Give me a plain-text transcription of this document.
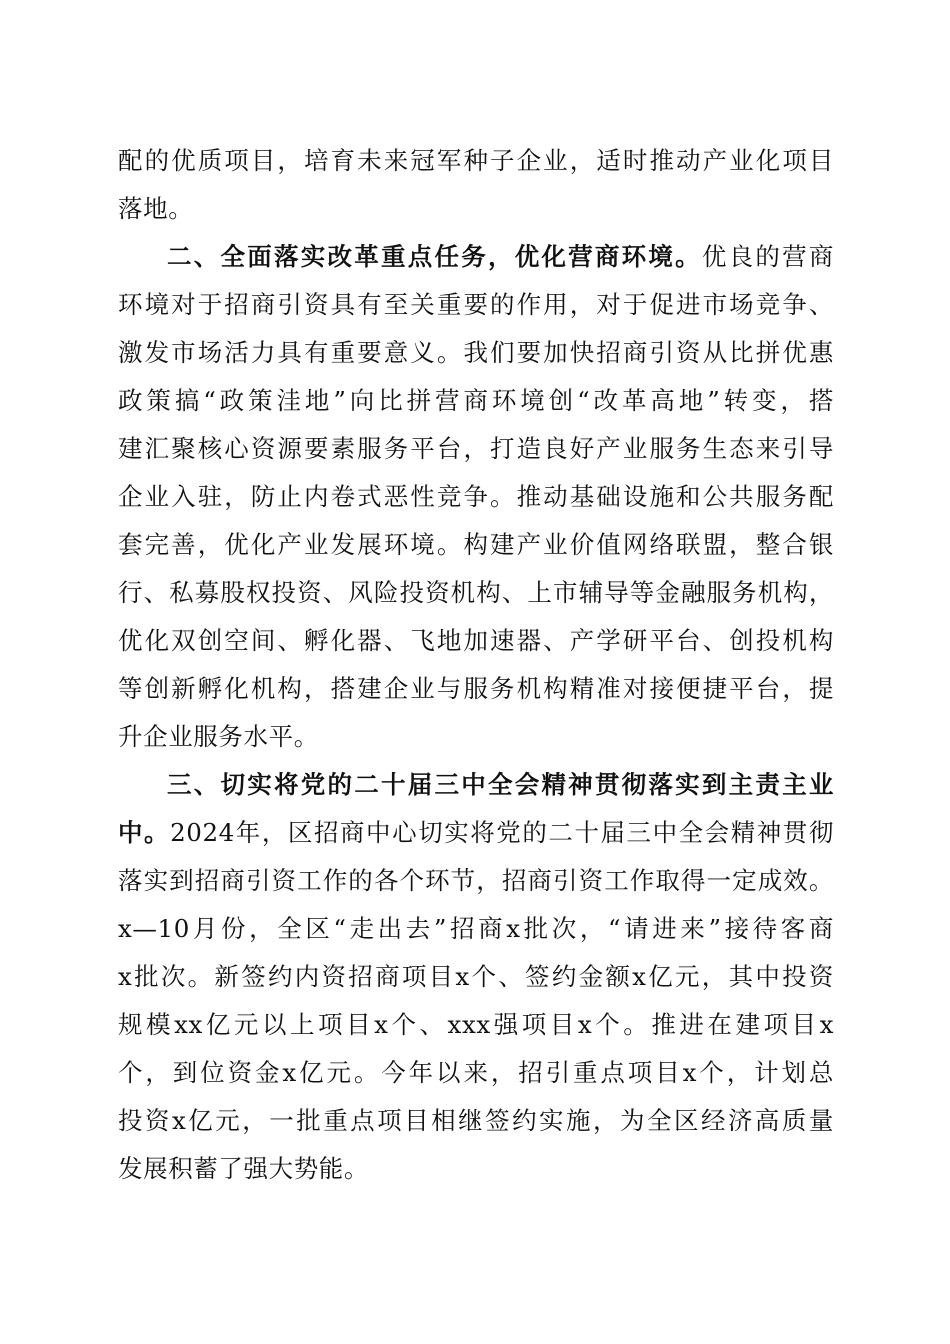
配的优质项目，培育未来冠军种子企业，适时推动产业化项目
落地。
二、全面落实改革重点任务，优化营商环境。优良的营商
环境对于招商引资具有至关重要的作用，对于促进市场竞争、
激发市场活力具有重要意义。我们要加快招商引资从比拼优惠
政策搞“政策洼地”向比拼营商环境创“改革高地”转变，搭
建汇聚核心资源要素服务平台，打造良好产业服务生态来引导
企业入驻，防止内卷式恶性竞争。推动基础设施和公共服务配
套完善，优化产业发展环境。构建产业价值网络联盟，整合银
行、私募股权投资、风险投资机构、上市辅导等金融服务机构，
优化双创空间、孵化器、飞地加速器、产学研平台、创投机构
等创新孵化机构，搭建企业与服务机构精准对接便捷平台，提
升企业服务水平。
三、切实将党的二十届三中全会精神贯彻落实到主责主业
中。2024年，区招商中心切实将党的二十届三中全会精神贯彻
落实到招商引资工作的各个环节，招商引资工作取得一定成效。
x—10月份，全区“走出去”招商x批次，“请进来”接待客商
x批次。新签约内资招商项目x个、签约金额x亿元，其中投资
规模xx亿元以上项目x个、xxx强项目x个。推进在建项目x
个，到位资金x亿元。今年以来，招引重点项目x个，计划总
投资x亿元，一批重点项目相继签约实施，为全区经济高质量
发展积蓄了强大势能。
